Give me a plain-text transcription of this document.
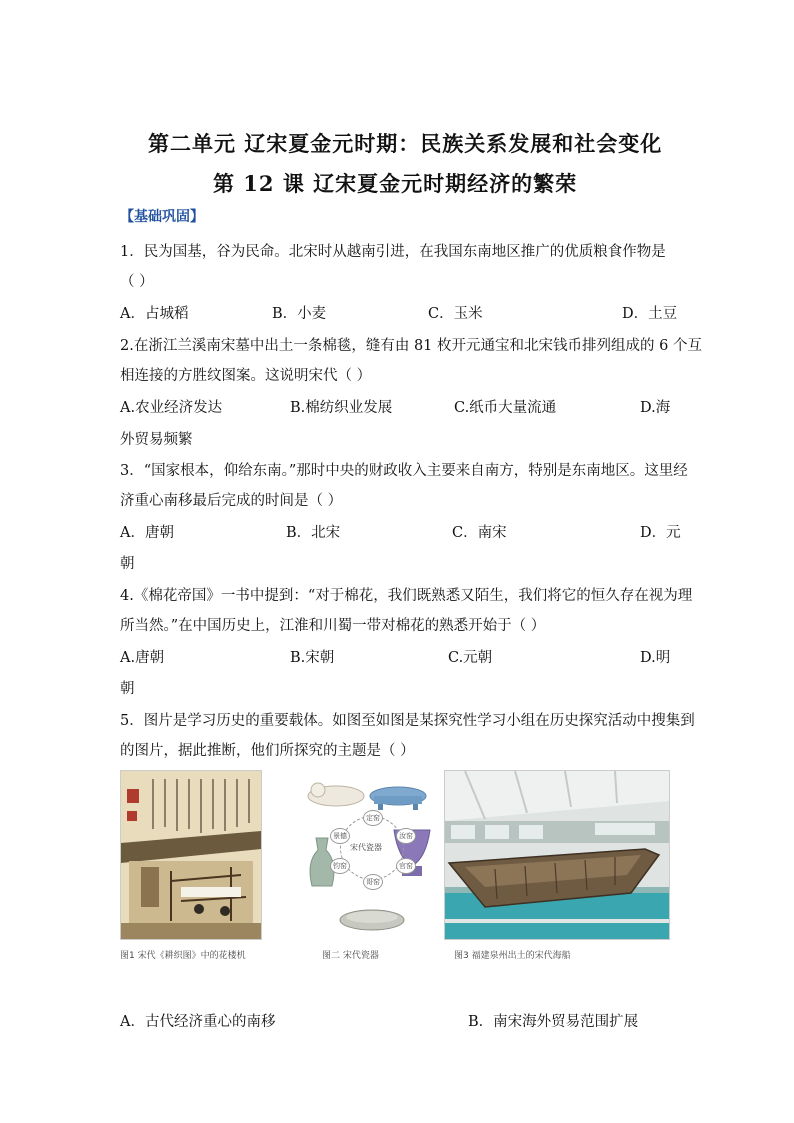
第二单元 辽宋夏金元时期：民族关系发展和社会变化
第 12 课 辽宋夏金元时期经济的繁荣
【基础巩固】
1．民为国基，谷为民命。北宋时从越南引进，在我国东南地区推广的优质粮食作物是
（ ）
A．占城稻	B．小麦	C．玉米	D．土豆
2.在浙江兰溪南宋墓中出土一条棉毯，缝有由 81 枚开元通宝和北宋钱币排列组成的 6 个互
相连接的方胜纹图案。这说明宋代（ ）
A.农业经济发达	B.棉纺织业发展	C.纸币大量流通	D.海
外贸易频繁
3．“国家根本，仰给东南。”那时中央的财政收入主要来自南方，特别是东南地区。这里经
济重心南移最后完成的时间是（ ）
A．唐朝	B．北宋	C．南宋	D．元
朝
4.《棉花帝国》一书中提到：“对于棉花，我们既熟悉又陌生，我们将它的恒久存在视为理
所当然。”在中国历史上，江淮和川蜀一带对棉花的熟悉开始于（ ）
A.唐朝	B.宋朝	C.元朝	D.明
朝
5．图片是学习历史的重要载体。如图至如图是某探究性学习小组在历史探究活动中搜集到
的图片，据此推断，他们所探究的主题是（ ）
图1 宋代《耕织图》中的花楼机
宋代瓷器
定窑
汝窑
官窑
哥窑
钧窑
景德
图二 宋代瓷器	图3 福建泉州出土的宋代海船
A．古代经济重心的南移	B．南宋海外贸易范围扩展
